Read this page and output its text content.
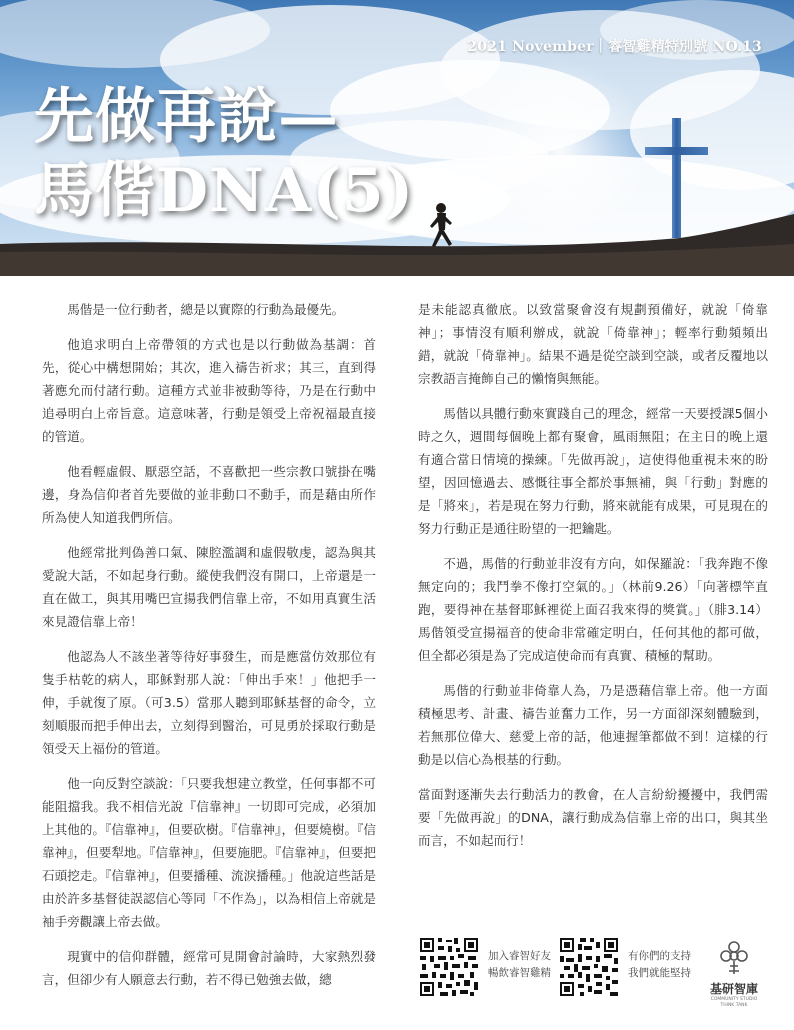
2021 November｜睿智雞精特別號 NO.13
先做再說—
馬偕DNA(5)

馬偕是一位行動者，總是以實際的行動為最優先。

他追求明白上帝帶領的方式也是以行動做為基調：首先，從心中構想開始；其次，進入禱告祈求；其三，直到得著應允而付諸行動。這種方式並非被動等待，乃是在行動中追尋明白上帝旨意。這意味著，行動是領受上帝祝福最直接的管道。

他看輕虛假、厭惡空話，不喜歡把一些宗教口號掛在嘴邊，身為信仰者首先要做的並非動口不動手，而是藉由所作所為使人知道我們所信。

他經常批判偽善口氣、陳腔濫調和虛假敬虔，認為與其愛說大話，不如起身行動。縱使我們沒有開口，上帝還是一直在做工，與其用嘴巴宣揚我們信靠上帝，不如用真實生活來見證信靠上帝！

他認為人不該坐著等待好事發生，而是應當仿效那位有隻手枯乾的病人，耶穌對那人說：「伸出手來！」他把手一伸，手就復了原。（可3.5）當那人聽到耶穌基督的命令，立刻順服而把手伸出去，立刻得到醫治，可見勇於採取行動是領受天上福份的管道。

他一向反對空談說：「只要我想建立教堂，任何事都不可能阻擋我。我不相信光說『信靠神』一切即可完成，必須加上其他的。『信靠神』，但要砍樹。『信靠神』，但要燒樹。『信靠神』，但要犁地。『信靠神』，但要施肥。『信靠神』，但要把石頭挖走。『信靠神』，但要播種、流淚播種。」他說這些話是由於許多基督徒誤認信心等同「不作為」，以為相信上帝就是袖手旁觀讓上帝去做。

現實中的信仰群體，經常可見開會討論時，大家熱烈發言，但卻少有人願意去行動，若不得已勉強去做，總

是未能認真徹底。以致當聚會沒有規劃預備好，就說「倚靠神」；事情沒有順利辦成，就說「倚靠神」；輕率行動頻頻出錯，就說「倚靠神」。結果不過是從空談到空談，或者反覆地以宗教語言掩飾自己的懶惰與無能。

馬偕以具體行動來實踐自己的理念，經常一天要授課5個小時之久，週間每個晚上都有聚會，風雨無阻；在主日的晚上還有適合當日情境的操練。「先做再說」，這使得他重視未來的盼望，因回憶過去、感慨往事全都於事無補，與「行動」對應的是「將來」，若是現在努力行動，將來就能有成果，可見現在的努力行動正是通往盼望的一把鑰匙。

不過，馬偕的行動並非沒有方向，如保羅說：「我奔跑不像無定向的；我鬥拳不像打空氣的。」（林前9.26）「向著標竿直跑，要得神在基督耶穌裡從上面召我來得的獎賞。」（腓3.14）馬偕領受宣揚福音的使命非常確定明白，任何其他的都可做，但全都必須是為了完成這使命而有真實、積極的幫助。

馬偕的行動並非倚靠人為，乃是憑藉信靠上帝。他一方面積極思考、計畫、禱告並奮力工作，另一方面卻深刻體驗到，若無那位偉大、慈愛上帝的話，他連握筆都做不到！這樣的行動是以信心為根基的行動。

當面對逐漸失去行動活力的教會，在人言紛紛擾擾中，我們需要「先做再說」的DNA，讓行動成為信靠上帝的出口，與其坐而言，不如起而行！

加入睿智好友
暢飲睿智雞精
有你們的支持
我們就能堅持
基研智庫
COMMUNITY STUDIO
THINK TANK
